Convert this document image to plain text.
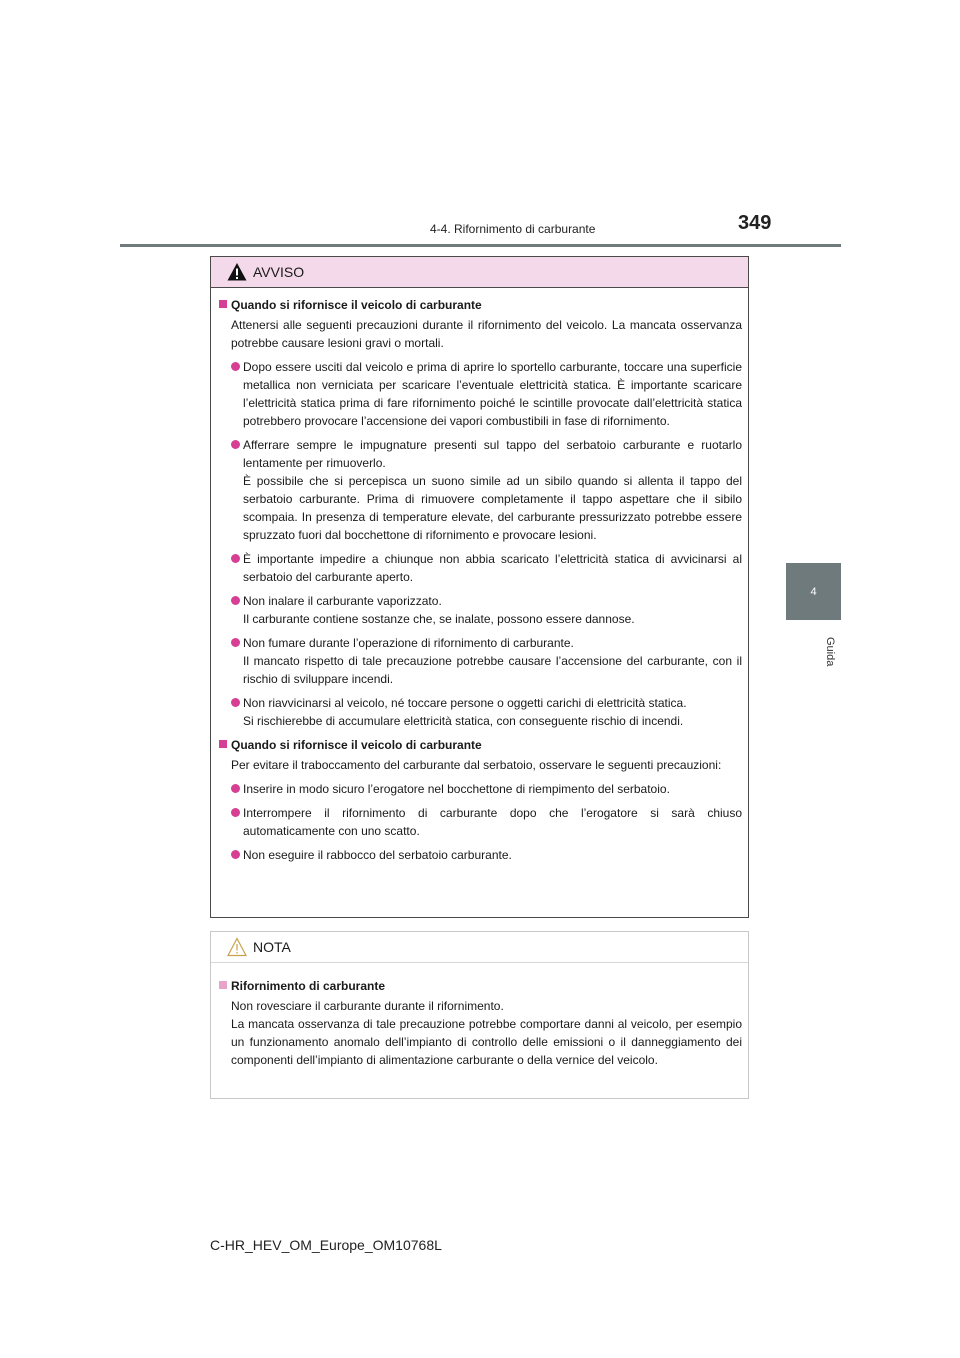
4-4. Rifornimento di carburante	349
4
Guida
AVVISO
Quando si rifornisce il veicolo di carburante
Attenersi alle seguenti precauzioni durante il rifornimento del veicolo. La mancata osservanza potrebbe causare lesioni gravi o mortali.
Dopo essere usciti dal veicolo e prima di aprire lo sportello carburante, toccare una superficie metallica non verniciata per scaricare l’eventuale elettricità statica. È importante scaricare l’elettricità statica prima di fare rifornimento poiché le scintille provocate dall’elettricità statica potrebbero provocare l’accensione dei vapori combustibili in fase di rifornimento.
Afferrare sempre le impugnature presenti sul tappo del serbatoio carburante e ruotarlo lentamente per rimuoverlo.
È possibile che si percepisca un suono simile ad un sibilo quando si allenta il tappo del serbatoio carburante. Prima di rimuovere completamente il tappo aspettare che il sibilo scompaia. In presenza di temperature elevate, del carburante pressurizzato potrebbe essere spruzzato fuori dal bocchettone di rifornimento e provocare lesioni.
È importante impedire a chiunque non abbia scaricato l’elettricità statica di avvicinarsi al serbatoio del carburante aperto.
Non inalare il carburante vaporizzato.
Il carburante contiene sostanze che, se inalate, possono essere dannose.
Non fumare durante l’operazione di rifornimento di carburante.
Il mancato rispetto di tale precauzione potrebbe causare l’accensione del carburante, con il rischio di sviluppare incendi.
Non riavvicinarsi al veicolo, né toccare persone o oggetti carichi di elettricità statica.
Si rischierebbe di accumulare elettricità statica, con conseguente rischio di incendi.
Quando si rifornisce il veicolo di carburante
Per evitare il traboccamento del carburante dal serbatoio, osservare le seguenti precauzioni:
Inserire in modo sicuro l’erogatore nel bocchettone di riempimento del serbatoio.
Interrompere il rifornimento di carburante dopo che l’erogatore si sarà chiuso automaticamente con uno scatto.
Non eseguire il rabbocco del serbatoio carburante.
NOTA
Rifornimento di carburante
Non rovesciare il carburante durante il rifornimento.
La mancata osservanza di tale precauzione potrebbe comportare danni al veicolo, per esempio un funzionamento anomalo dell’impianto di controllo delle emissioni o il danneggiamento dei componenti dell’impianto di alimentazione carburante o della vernice del veicolo.
C-HR_HEV_OM_Europe_OM10768L
